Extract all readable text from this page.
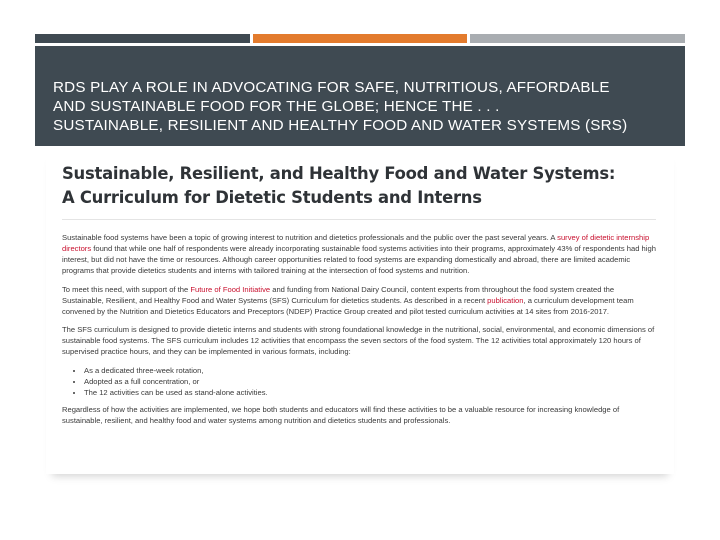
RDS PLAY A ROLE IN ADVOCATING FOR SAFE, NUTRITIOUS, AFFORDABLE
AND SUSTAINABLE FOOD FOR THE GLOBE; HENCE THE . . .
SUSTAINABLE, RESILIENT AND HEALTHY FOOD AND WATER SYSTEMS (SRS)
Sustainable, Resilient, and Healthy Food and Water Systems:
A Curriculum for Dietetic Students and Interns

Sustainable food systems have been a topic of growing interest to nutrition and dietetics professionals and the public over the past several years. A survey of dietetic internship directors found that while one half of respondents were already incorporating sustainable food systems activities into their programs, approximately 43% of respondents had high interest, but did not have the time or resources. Although career opportunities related to food systems are expanding domestically and abroad, there are limited academic programs that provide dietetics students and interns with tailored training at the intersection of food systems and nutrition.

To meet this need, with support of the Future of Food Initiative and funding from National Dairy Council, content experts from throughout the food system created the Sustainable, Resilient, and Healthy Food and Water Systems (SFS) Curriculum for dietetics students. As described in a recent publication, a curriculum development team convened by the Nutrition and Dietetics Educators and Preceptors (NDEP) Practice Group created and pilot tested curriculum activities at 14 sites from 2016-2017.

The SFS curriculum is designed to provide dietetic interns and students with strong foundational knowledge in the nutritional, social, environmental, and economic dimensions of sustainable food systems. The SFS curriculum includes 12 activities that encompass the seven sectors of the food system. The 12 activities total approximately 120 hours of supervised practice hours, and they can be implemented in various formats, including:

• As a dedicated three-week rotation,
• Adopted as a full concentration, or
• The 12 activities can be used as stand-alone activities.

Regardless of how the activities are implemented, we hope both students and educators will find these activities to be a valuable resource for increasing knowledge of sustainable, resilient, and healthy food and water systems among nutrition and dietetics students and professionals.
